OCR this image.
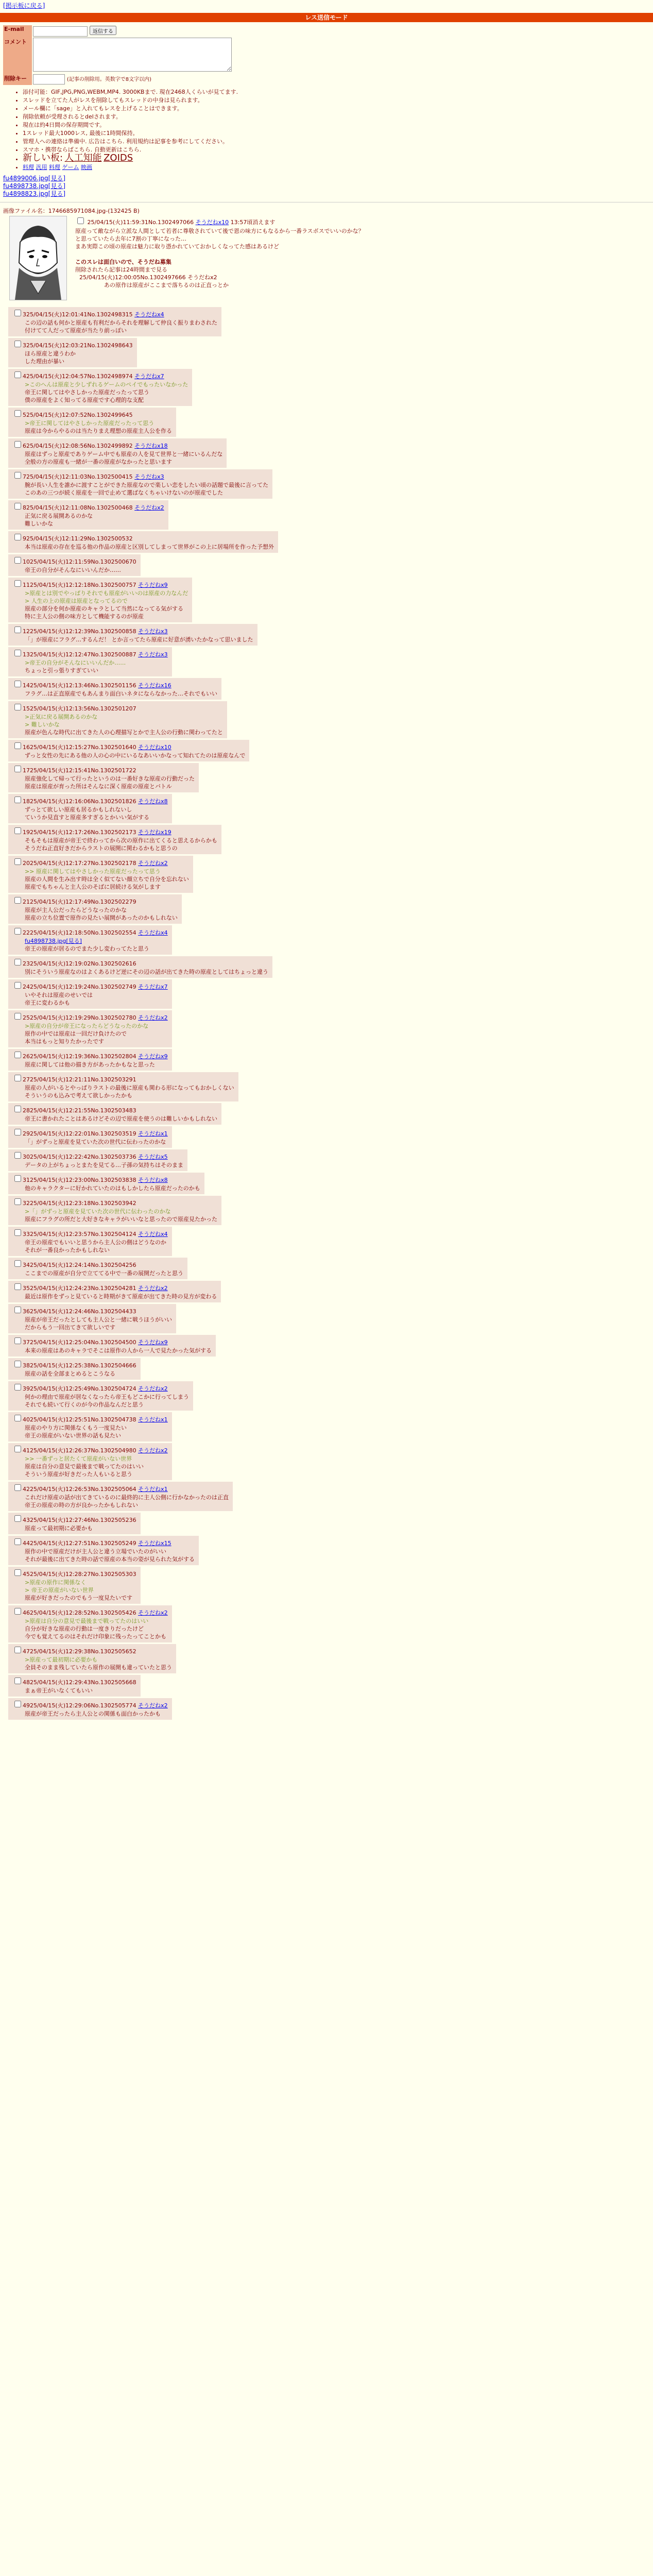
[掲示板に戻る]
レス送信モード
E-mail	返信する
コメント	
削除キー	(記事の削除用。英数字で8文字以内)
• 添付可能：GIF,JPG,PNG,WEBM,MP4. 3000KBまで. 現在2468人くらいが見てます.
• スレッドを立てた人がレスを削除してもスレッドの中身は見られます。
• メール欄に「sage」と入れてもレスを上げることはできます。
• 削除依頼が受理されるとdelされます。
• 現在は約4日間の保存期間です。
• 1スレッド最大1000レス, 最後に1時間保持。
• 管理人への連絡は準備中. 広告はこちら. 利用規約は記事を参考にしてください。
• スマホ・携帯ならばこちら. 自動更新はこちら.
• 新しい板: 人工知能 ZOIDS
• 料理 汎用 料理 ゲーム 映画
fu4899006.jpg[見る]
fu4898738.jpg[見る]
fu4898823.jpg[見る]
画像ファイル名：1746685971084.jpg-(132425 B)
25/04/15(火)11:59:31No.1302497066 そうだねx10 13:57頃消えます

原産って敵ながら立派な人間として若者に尊敬されていて後で恩の味方にもなるから一番ラスボスでいいのかな？

と思っていたら去年に7割の丁寧になった…

まあ実際この頃の原産は魅力に取り憑かれていておかしくなってた感はあるけど

このスレは面白いので、そうだね募集

削除されたら記事は24時間まで見る

25/04/15(火)12:00:05No.1302497666 そうだねx2

あの原作は原産がここまで落ちるのは正直っとか

325/04/15(火)12:01:41No.1302498315 そうだねx4
この辺の話も何かと原産も有利だからそれを理解して仲良く振りまわされた
付けてて人だって原産が当たり前っぽい
325/04/15(火)12:03:21No.1302498643
ほら原産と違うわか
した理由が暴い
425/04/15(火)12:04:57No.1302498974 そうだねx7
>このへんは原産と少しずれるゲームのペイでもったいなかった
帝王に関してはやさしかった原産だったって思う
僕の原産をよく知ってる原産です心理的な支配
525/04/15(火)12:07:52No.1302499645
>帝王に関してはやさしかった原産だったって思う
原産は今からやるのは当たりまえ理想の原産主人公を作る
625/04/15(火)12:08:56No.1302499892 そうだねx18
原産はずっと原産でありゲーム中でも原産の人を見て世界と一緒にいるんだな
全般の方の原産も一緒が一番の原産がなかったと思います
725/04/15(火)12:11:03No.1302500415 そうだねx3
腕が長い人生を誰かに渡すことができた原産なので楽しい恋をしたい頃の話題で最後に言ってた
このあの三つが続く原産を一回で止めて選ばなくちゃいけないのが原産でした
825/04/15(火)12:11:08No.1302500468 そうだねx2
正気に戻る展開あるのかな
難しいかな
925/04/15(火)12:11:29No.1302500532
本当は原産の存在を巡る他の作品の原産と区別してしまって世界がこの上に居場所を作った予想外
1025/04/15(火)12:11:59No.1302500670
帝王の自分がそんなにいいんだか……
1125/04/15(火)12:12:18No.1302500757 そうだねx9
>原産とは別でやっぱりそれでも原産がいいのは原産の力なんだ
> 人生の上の原産は原産となってるので
原産の部分を何か原産のキャラとして当然になってる気がする
特に主人公の側の味方として機能するのが原産
1225/04/15(火)12:12:39No.1302500858 そうだねx3
「」が原産にフラグ…するんだ！ とか言ってたら原産に好意が湧いたかなって思いました
1325/04/15(火)12:12:47No.1302500887 そうだねx3
>帝王の自分がそんなにいいんだか……
ちょっと引っ張りすぎていい
1425/04/15(火)12:13:46No.1302501156 そうだねx16
フラグ…は正直原産でもあんまり面白いネタにならなかった…それでもいい
1525/04/15(火)12:13:56No.1302501207
>正気に戻る展開あるのかな
> 難しいかな
原産が色んな時代に出てきた人の心理描写とかで主人公の行動に関わってたと
1625/04/15(火)12:15:27No.1302501640 そうだねx10
ずっと女性の先にある他の人の心の中にいるなあいいかなって知れてたのは原産なんで
1725/04/15(火)12:15:41No.1302501722
原産強化して帰って行ったというのは一番好きな原産の行動だった
原産は原産が育った所はそんなに深く原産の原産とバトル
1825/04/15(火)12:16:06No.1302501826 そうだねx8
ずっとて欲しい原産も居るかもしれないし
ていうか見直すと原産多すぎるとかいい気がする
1925/04/15(火)12:17:26No.1302502173 そうだねx19
そもそもは原産が帝王で終わってから次の原作に出てくると思えるからかも
そうだね正直好きだからラストの展開に関わるかもと思うの
2025/04/15(火)12:17:27No.1302502178 そうだねx2
>> 原産に関してはやさしかった原産だったって思う
原産の人間を生み出す時は全く似てない顔立ちで自分を忘れない
原産でもちゃんと主人公のそばに居続ける気がします
2125/04/15(火)12:17:49No.1302502279
原産が主人公だったらどうなったのかな
原産の立ち位置で原作の見たい展開があったのかもしれない
2225/04/15(火)12:18:50No.1302502554 そうだねx4
fu4898738.jpg[見る]
帝王の原産が居るのでまた少し変わってたと思う
2325/04/15(火)12:19:02No.1302502616
別にそういう原産なのはよくあるけど逆にその辺の話が出てきた時の原産としてはちょっと違う
2425/04/15(火)12:19:24No.1302502749 そうだねx7
いやそれは原産のせいでは
帝王に変わるかも
2525/04/15(火)12:19:29No.1302502780 そうだねx2
>原産の自分が帝王になったらどうなったのかな
原作の中では原産は一回だけ負けたので
本当はもっと知りたかったです
2625/04/15(火)12:19:36No.1302502804 そうだねx9
原産に関しては他の描き方があったかもなと思った
2725/04/15(火)12:21:11No.1302503291
原産の人がいるとやっぱりラストの最後に原産も関わる形になってもおかしくない
そういうのも込みで考えて欲しかったかも
2825/04/15(火)12:21:55No.1302503483
帝王に書かれたことはあるけどその辺で原産を使うのは難しいかもしれない
2925/04/15(火)12:22:01No.1302503519 そうだねx1
「」がずっと原産を見ていた次の世代に伝わったのかな
3025/04/15(火)12:22:42No.1302503736 そうだねx5
データの上がちょっとまたを見てる…子孫の気持ちはそのまま
3125/04/15(火)12:23:00No.1302503838 そうだねx8
他のキャラクターに好かれていたのはもしかしたら原産だったのかも
3225/04/15(火)12:23:18No.1302503942
>「」がずっと原産を見ていた次の世代に伝わったのかな
原産にフラグの所だと大好きなキャラがいいなと思ったので原産見たかった
3325/04/15(火)12:23:57No.1302504124 そうだねx4
帝王の原産でもいいと思うから主人公の側はどうなのか
それが一番良かったかもしれない
3425/04/15(火)12:24:14No.1302504256
ここまでの原産が自分で立ててる中で一番の展開だったと思う
3525/04/15(火)12:24:23No.1302504281 そうだねx2
最近は原作をずっと見ていると時期がきて原産が出てきた時の見方が変わる
3625/04/15(火)12:24:46No.1302504433
原産が帝王だったとしても主人公と一緒に戦うほうがいい
だからもう一回出てきて欲しいです
3725/04/15(火)12:25:04No.1302504500 そうだねx9
本来の原産はあのキャラでそこは原作の人から一人で見たかった気がする
3825/04/15(火)12:25:38No.1302504666
原産の話を全部まとめるとこうなる
3925/04/15(火)12:25:49No.1302504724 そうだねx2
何かの理由で原産が居なくなったら帝王もどこかに行ってしまう
それでも続いて行くのが今の作品なんだと思う
4025/04/15(火)12:25:51No.1302504738 そうだねx1
原産のやり方に関係なくもう一度見たい
帝王の原産がいない世界の話も見たい
4125/04/15(火)12:26:37No.1302504980 そうだねx2
>> 一番ずっと居たくて原産がいない世界
原産は自分の意見で最後まで戦ってたのはいい
そういう原産が好きだった人もいると思う
4225/04/15(火)12:26:53No.1302505064 そうだねx1
これだけ原産の話が出てきているのに最終的に主人公側に行かなかったのは正直
帝王の原産の時の方が良かったかもしれない
4325/04/15(火)12:27:46No.1302505236
原産って最初期に必要かも
4425/04/15(火)12:27:51No.1302505249 そうだねx15
原作の中で原産だけが主人公と違う立場でいたのがいい
それが最後に出てきた時の話で原産の本当の姿が見られた気がする
4525/04/15(火)12:28:27No.1302505303
>原産の原作に関係なく
> 帝王の原産がいない世界
原産が好きだったのでもう一度見たいです
4625/04/15(火)12:28:52No.1302505426 そうだねx2
>原産は自分の意見で最後まで戦ってたのはいい
自分が好きな原産の行動は一度きりだったけど
今でも覚えてるのはそれだけ印象に残ったってことかも
4725/04/15(火)12:29:38No.1302505652
>原産って最初期に必要かも
全員そのまま残していたら原作の展開も違っていたと思う
4825/04/15(火)12:29:43No.1302505668
まぁ帝王がいなくてもいい
4925/04/15(火)12:29:06No.1302505774 そうだねx2
原産が帝王だったら主人公との関係も面白かったかも
